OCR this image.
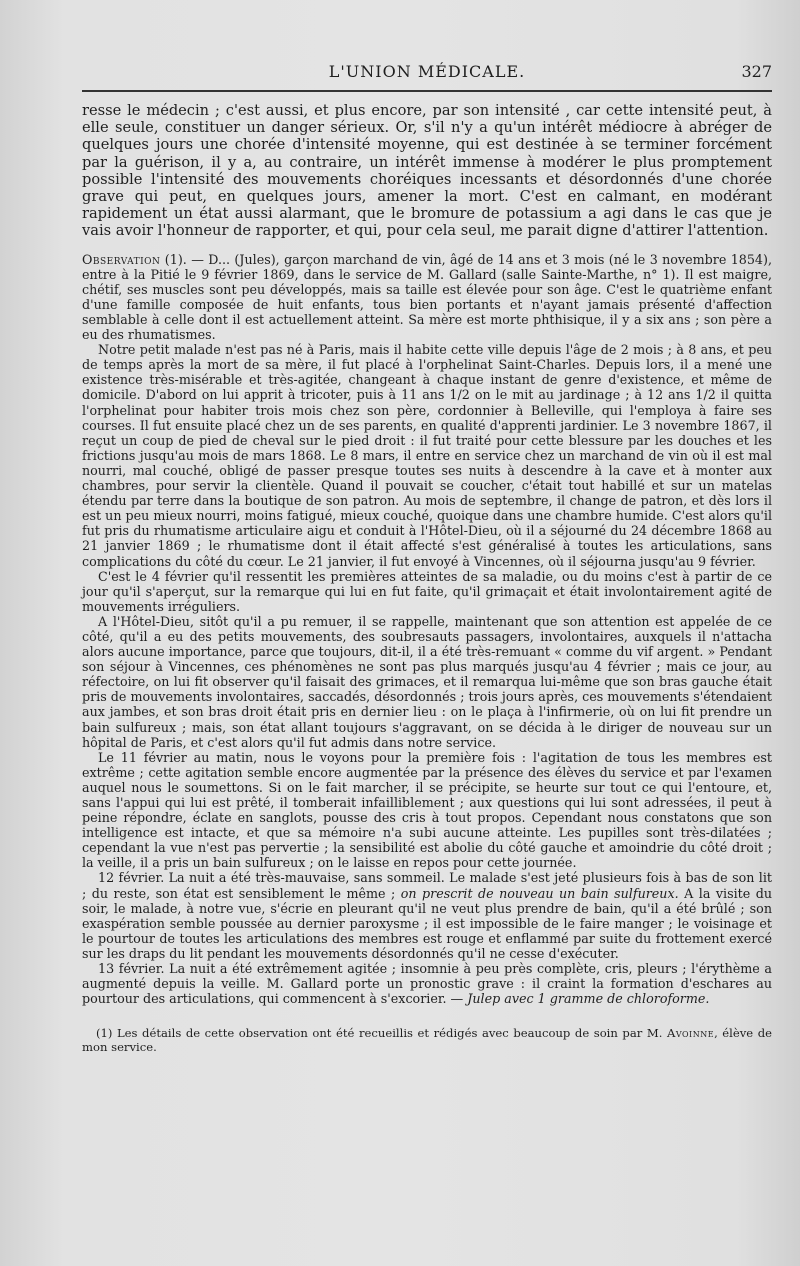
L'UNION MÉDICALE.	327

resse le médecin ; c'est aussi, et plus encore, par son intensité , car cette intensité peut, à elle seule, constituer un danger sérieux. Or, s'il n'y a qu'un intérêt médiocre à abréger de quelques jours une chorée d'intensité moyenne, qui est destinée à se terminer forcément par la guérison, il y a, au contraire, un intérêt immense à modérer le plus promptement possible l'intensité des mouvements choréiques incessants et désordonnés d'une chorée grave qui peut, en quelques jours, amener la mort. C'est en calmant, en modérant rapidement un état aussi alarmant, que le bromure de potassium a agi dans le cas que je vais avoir l'honneur de rapporter, et qui, pour cela seul, me parait digne d'attirer l'attention.

Observation (1). — D... (Jules), garçon marchand de vin, âgé de 14 ans et 3 mois (né le 3 novembre 1854), entre à la Pitié le 9 février 1869, dans le service de M. Gallard (salle Sainte-Marthe, n° 1). Il est maigre, chétif, ses muscles sont peu développés, mais sa taille est élevée pour son âge. C'est le quatrième enfant d'une famille composée de huit enfants, tous bien portants et n'ayant jamais présenté d'affection semblable à celle dont il est actuellement atteint. Sa mère est morte phthisique, il y a six ans ; son père a eu des rhumatismes.

Notre petit malade n'est pas né à Paris, mais il habite cette ville depuis l'âge de 2 mois ; à 8 ans, et peu de temps après la mort de sa mère, il fut placé à l'orphelinat Saint-Charles. Depuis lors, il a mené une existence très-misérable et très-agitée, changeant à chaque instant de genre d'existence, et même de domicile. D'abord on lui apprit à tricoter, puis à 11 ans 1/2 on le mit au jardinage ; à 12 ans 1/2 il quitta l'orphelinat pour habiter trois mois chez son père, cordonnier à Belleville, qui l'employa à faire ses courses. Il fut ensuite placé chez un de ses parents, en qualité d'apprenti jardinier. Le 3 novembre 1867, il reçut un coup de pied de cheval sur le pied droit : il fut traité pour cette blessure par les douches et les frictions jusqu'au mois de mars 1868. Le 8 mars, il entre en service chez un marchand de vin où il est mal nourri, mal couché, obligé de passer presque toutes ses nuits à descendre à la cave et à monter aux chambres, pour servir la clientèle. Quand il pouvait se coucher, c'était tout habillé et sur un matelas étendu par terre dans la boutique de son patron. Au mois de septembre, il change de patron, et dès lors il est un peu mieux nourri, moins fatigué, mieux couché, quoique dans une chambre humide. C'est alors qu'il fut pris du rhumatisme articulaire aigu et conduit à l'Hôtel-Dieu, où il a séjourné du 24 décembre 1868 au 21 janvier 1869 ; le rhumatisme dont il était affecté s'est généralisé à toutes les articulations, sans complications du côté du cœur. Le 21 janvier, il fut envoyé à Vincennes, où il séjourna jusqu'au 9 février.

C'est le 4 février qu'il ressentit les premières atteintes de sa maladie, ou du moins c'est à partir de ce jour qu'il s'aperçut, sur la remarque qui lui en fut faite, qu'il grimaçait et était involontairement agité de mouvements irréguliers.

A l'Hôtel-Dieu, sitôt qu'il a pu remuer, il se rappelle, maintenant que son attention est appelée de ce côté, qu'il a eu des petits mouvements, des soubresauts passagers, involontaires, auxquels il n'attacha alors aucune importance, parce que toujours, dit-il, il a été très-remuant « comme du vif argent. » Pendant son séjour à Vincennes, ces phénomènes ne sont pas plus marqués jusqu'au 4 février ; mais ce jour, au réfectoire, on lui fit observer qu'il faisait des grimaces, et il remarqua lui-même que son bras gauche était pris de mouvements involontaires, saccadés, désordonnés ; trois jours après, ces mouvements s'étendaient aux jambes, et son bras droit était pris en dernier lieu : on le plaça à l'infirmerie, où on lui fit prendre un bain sulfureux ; mais, son état allant toujours s'aggravant, on se décida à le diriger de nouveau sur un hôpital de Paris, et c'est alors qu'il fut admis dans notre service.

Le 11 février au matin, nous le voyons pour la première fois : l'agitation de tous les membres est extrême ; cette agitation semble encore augmentée par la présence des élèves du service et par l'examen auquel nous le soumettons. Si on le fait marcher, il se précipite, se heurte sur tout ce qui l'entoure, et, sans l'appui qui lui est prêté, il tomberait infailliblement ; aux questions qui lui sont adressées, il peut à peine répondre, éclate en sanglots, pousse des cris à tout propos. Cependant nous constatons que son intelligence est intacte, et que sa mémoire n'a subi aucune atteinte. Les pupilles sont très-dilatées ; cependant la vue n'est pas pervertie ; la sensibilité est abolie du côté gauche et amoindrie du côté droit ; la veille, il a pris un bain sulfureux ; on le laisse en repos pour cette journée.

12 février. La nuit a été très-mauvaise, sans sommeil. Le malade s'est jeté plusieurs fois à bas de son lit ; du reste, son état est sensiblement le même ; on prescrit de nouveau un bain sulfureux. A la visite du soir, le malade, à notre vue, s'écrie en pleurant qu'il ne veut plus prendre de bain, qu'il a été brûlé ; son exaspération semble poussée au dernier paroxysme ; il est impossible de le faire manger ; le voisinage et le pourtour de toutes les articulations des membres est rouge et enflammé par suite du frottement exercé sur les draps du lit pendant les mouvements désordonnés qu'il ne cesse d'exécuter.

13 février. La nuit a été extrêmement agitée ; insomnie à peu près complète, cris, pleurs ; l'érythème a augmenté depuis la veille. M. Gallard porte un pronostic grave : il craint la formation d'eschares au pourtour des articulations, qui commencent à s'excorier. — Julep avec 1 gramme de chloroforme.

(1) Les détails de cette observation ont été recueillis et rédigés avec beaucoup de soin par M. Avoinne, élève de mon service.
